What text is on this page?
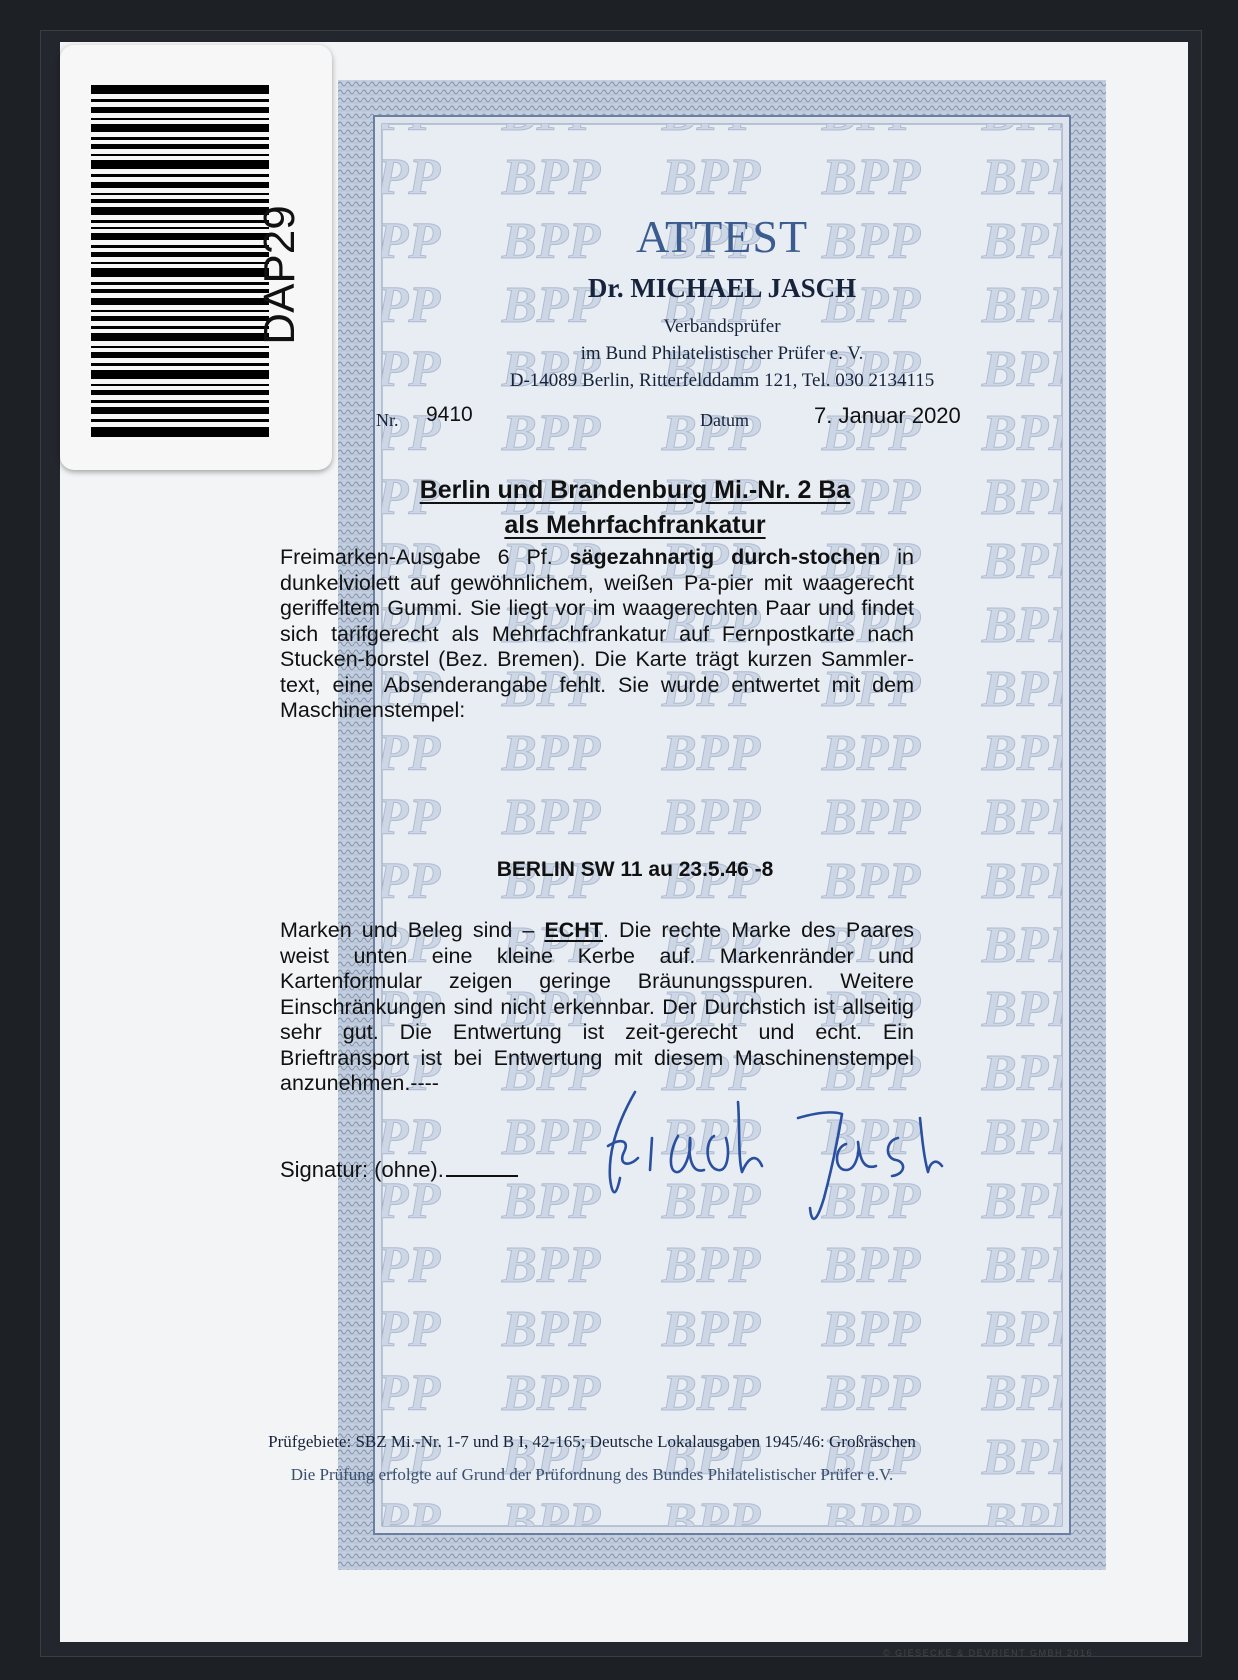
ATTEST
Dr. MICHAEL JASCH
Verbandsprüfer
im Bund Philatelistischer Prüfer e. V.
D-14089 Berlin, Ritterfelddamm 121, Tel. 030 2134115
Nr. 9410	Datum	7. Januar 2020
Berlin und Brandenburg Mi.-Nr. 2 Ba
als Mehrfachfrankatur
Freimarken-Ausgabe 6 Pf. sägezahnartig durch-stochen in dunkelviolett auf gewöhnlichem, weißen Pa-pier mit waagerecht geriffeltem Gummi. Sie liegt vor im waagerechten Paar und findet sich tarifgerecht als Mehrfachfrankatur auf Fernpostkarte nach Stucken-borstel (Bez. Bremen). Die Karte trägt kurzen Sammler-text, eine Absenderangabe fehlt. Sie wurde entwertet mit dem Maschinenstempel:
BERLIN SW 11 au 23.5.46 -8
Marken und Beleg sind – ECHT. Die rechte Marke des Paares weist unten eine kleine Kerbe auf. Markenränder und Kartenformular zeigen geringe Bräunungsspuren. Weitere Einschränkungen sind nicht erkennbar. Der Durchstich ist allseitig sehr gut. Die Entwertung ist zeit-gerecht und echt. Ein Brieftransport ist bei Entwertung mit diesem Maschinenstempel anzunehmen.----
Signatur: (ohne).
Prüfgebiete: SBZ Mi.-Nr. 1-7 und B I, 42-165; Deutsche Lokalausgaben 1945/46: Großräschen
Die Prüfung erfolgte auf Grund der Prüfordnung des Bundes Philatelistischer Prüfer e.V.
© GIESECKE & DEVRIENT GMBH 2016
DAP29
